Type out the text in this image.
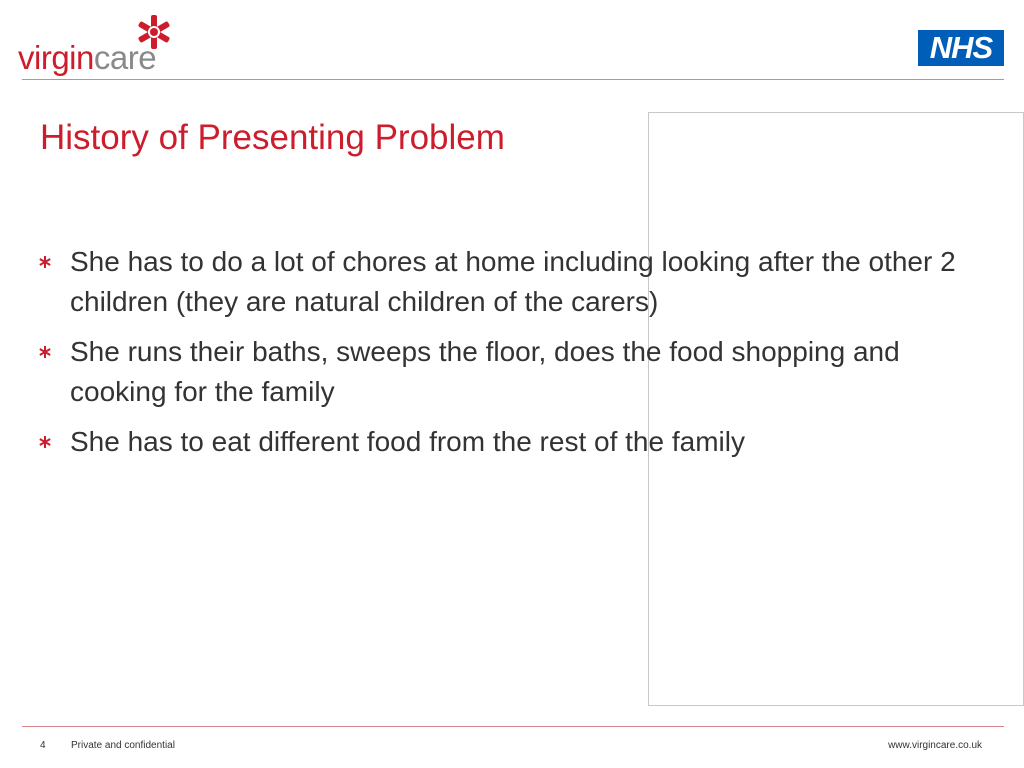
virgincare	NHS
History of Presenting Problem
She has to do a lot of chores at home including looking after the other 2 children (they are natural children of the carers)
She runs their baths, sweeps the floor, does the food shopping and cooking for the family
She has to eat different food from the rest of the family
4	Private and confidential	www.virgincare.co.uk
